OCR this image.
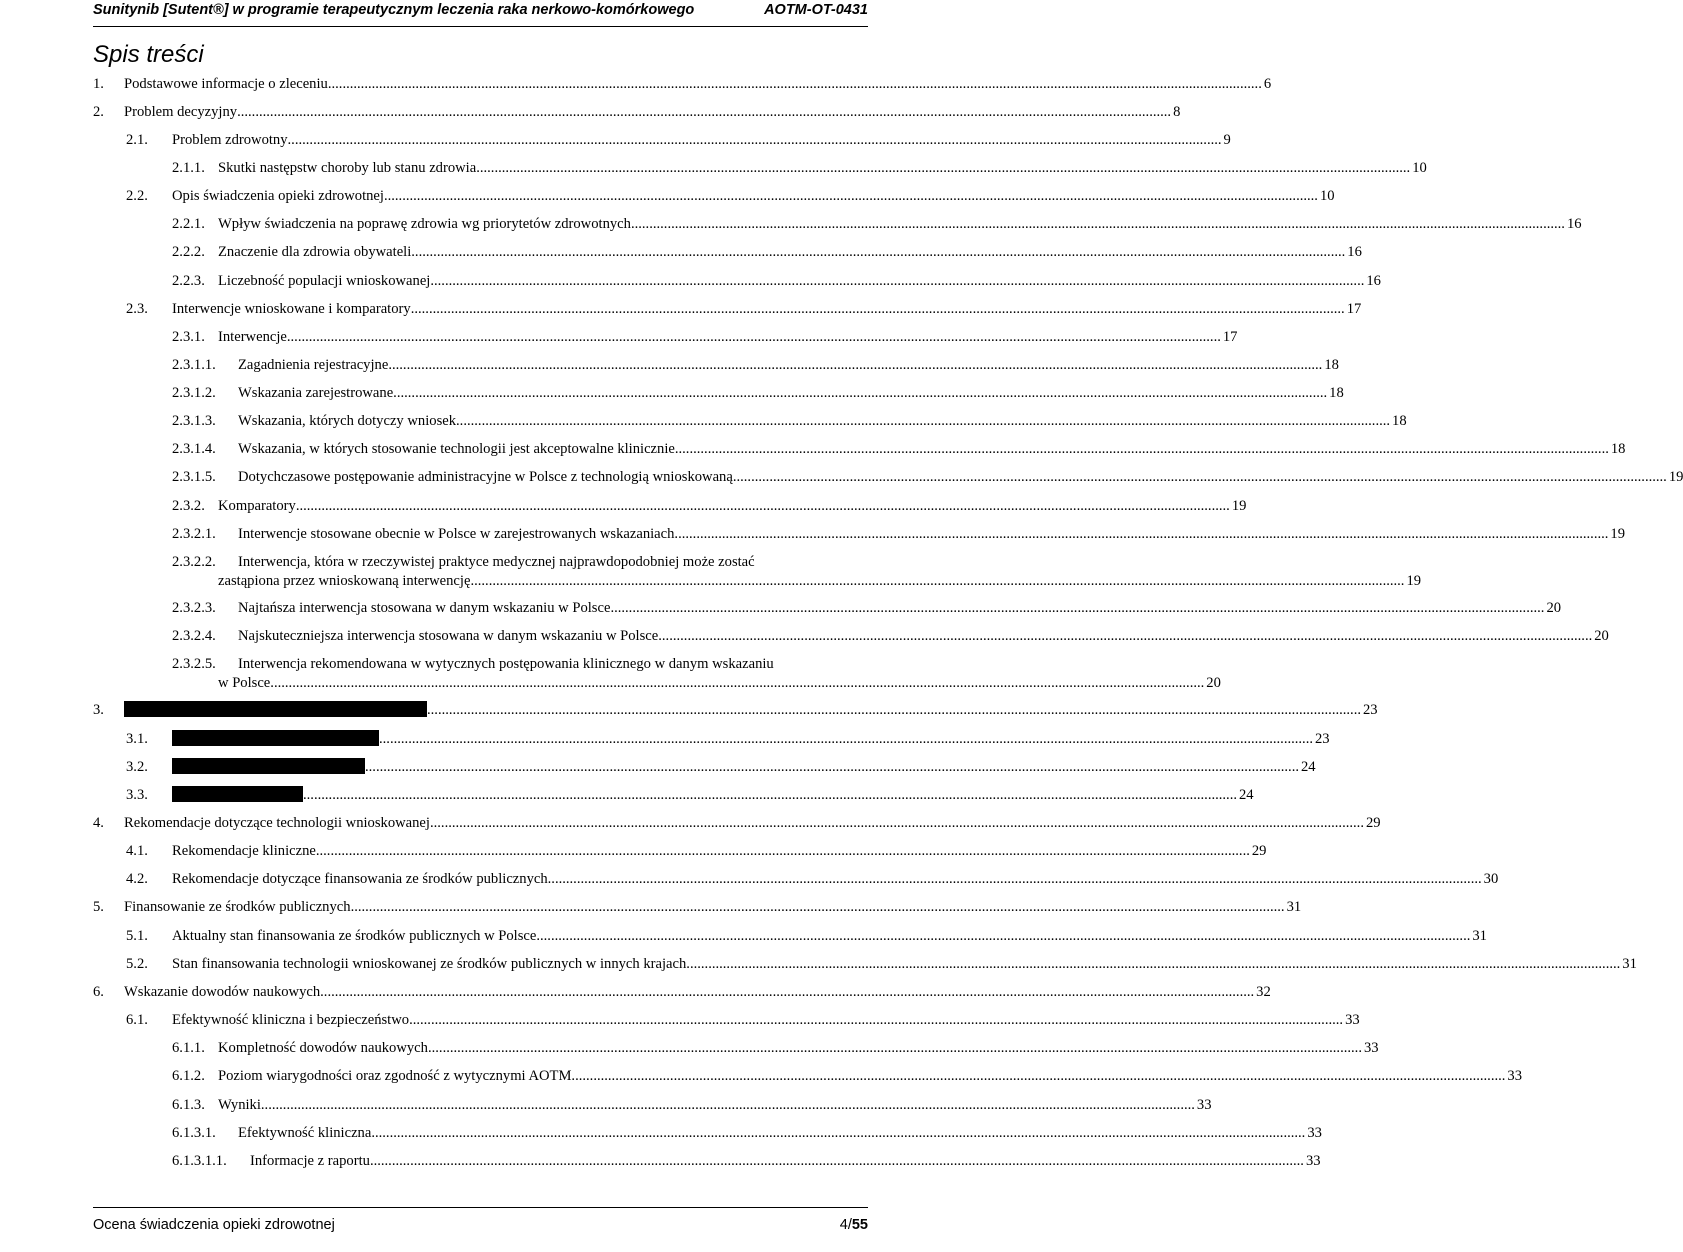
Sunitynib [Sutent®] w programie terapeutycznym leczenia raka nerkowo-komórkowego	AOTM-OT-0431
Spis treści
1. Podstawowe informacje o zleceniu .....	6
2. Problem decyzyjny .....	8
2.1. Problem zdrowotny .....	9
2.1.1. Skutki następstw choroby lub stanu zdrowia .....	10
2.2. Opis świadczenia opieki zdrowotnej .....	10
2.2.1. Wpływ świadczenia na poprawę zdrowia wg priorytetów zdrowotnych .....	16
2.2.2. Znaczenie dla zdrowia obywateli .....	16
2.2.3. Liczebność populacji wnioskowanej .....	16
2.3. Interwencje wnioskowane i komparatory .....	17
2.3.1. Interwencje .....	17
2.3.1.1. Zagadnienia rejestracyjne .....	18
2.3.1.2. Wskazania zarejestrowane .....	18
2.3.1.3. Wskazania, których dotyczy wniosek .....	18
2.3.1.4. Wskazania, w których stosowanie technologii jest akceptowalne klinicznie .....	18
2.3.1.5. Dotychczasowe postępowanie administracyjne w Polsce z technologią wnioskowaną .....	19
2.3.2. Komparatory .....	19
2.3.2.1. Interwencje stosowane obecnie w Polsce w zarejestrowanych wskazaniach .....	19
2.3.2.2. Interwencja, która w rzeczywistej praktyce medycznej najprawdopodobniej może zostać
zastąpiona przez wnioskowaną interwencję .....	19
2.3.2.3. Najtańsza interwencja stosowana w danym wskazaniu w Polsce .....	20
2.3.2.4. Najskuteczniejsza interwencja stosowana w danym wskazaniu w Polsce .....	20
2.3.2.5. Interwencja rekomendowana w wytycznych postępowania klinicznego w danym wskazaniu
w Polsce .....	20
3. .....	23
3.1. .....	23
3.2. .....	24
3.3. .....	24
4. Rekomendacje dotyczące technologii wnioskowanej .....	29
4.1. Rekomendacje kliniczne .....	29
4.2. Rekomendacje dotyczące finansowania ze środków publicznych .....	30
5. Finansowanie ze środków publicznych .....	31
5.1. Aktualny stan finansowania ze środków publicznych w Polsce .....	31
5.2. Stan finansowania technologii wnioskowanej ze środków publicznych w innych krajach .....	31
6. Wskazanie dowodów naukowych .....	32
6.1. Efektywność kliniczna i bezpieczeństwo .....	33
6.1.1. Kompletność dowodów naukowych .....	33
6.1.2. Poziom wiarygodności oraz zgodność z wytycznymi AOTM .....	33
6.1.3. Wyniki .....	33
6.1.3.1. Efektywność kliniczna .....	33
6.1.3.1.1. Informacje z raportu .....	33
Ocena świadczenia opieki zdrowotnej	4/55
